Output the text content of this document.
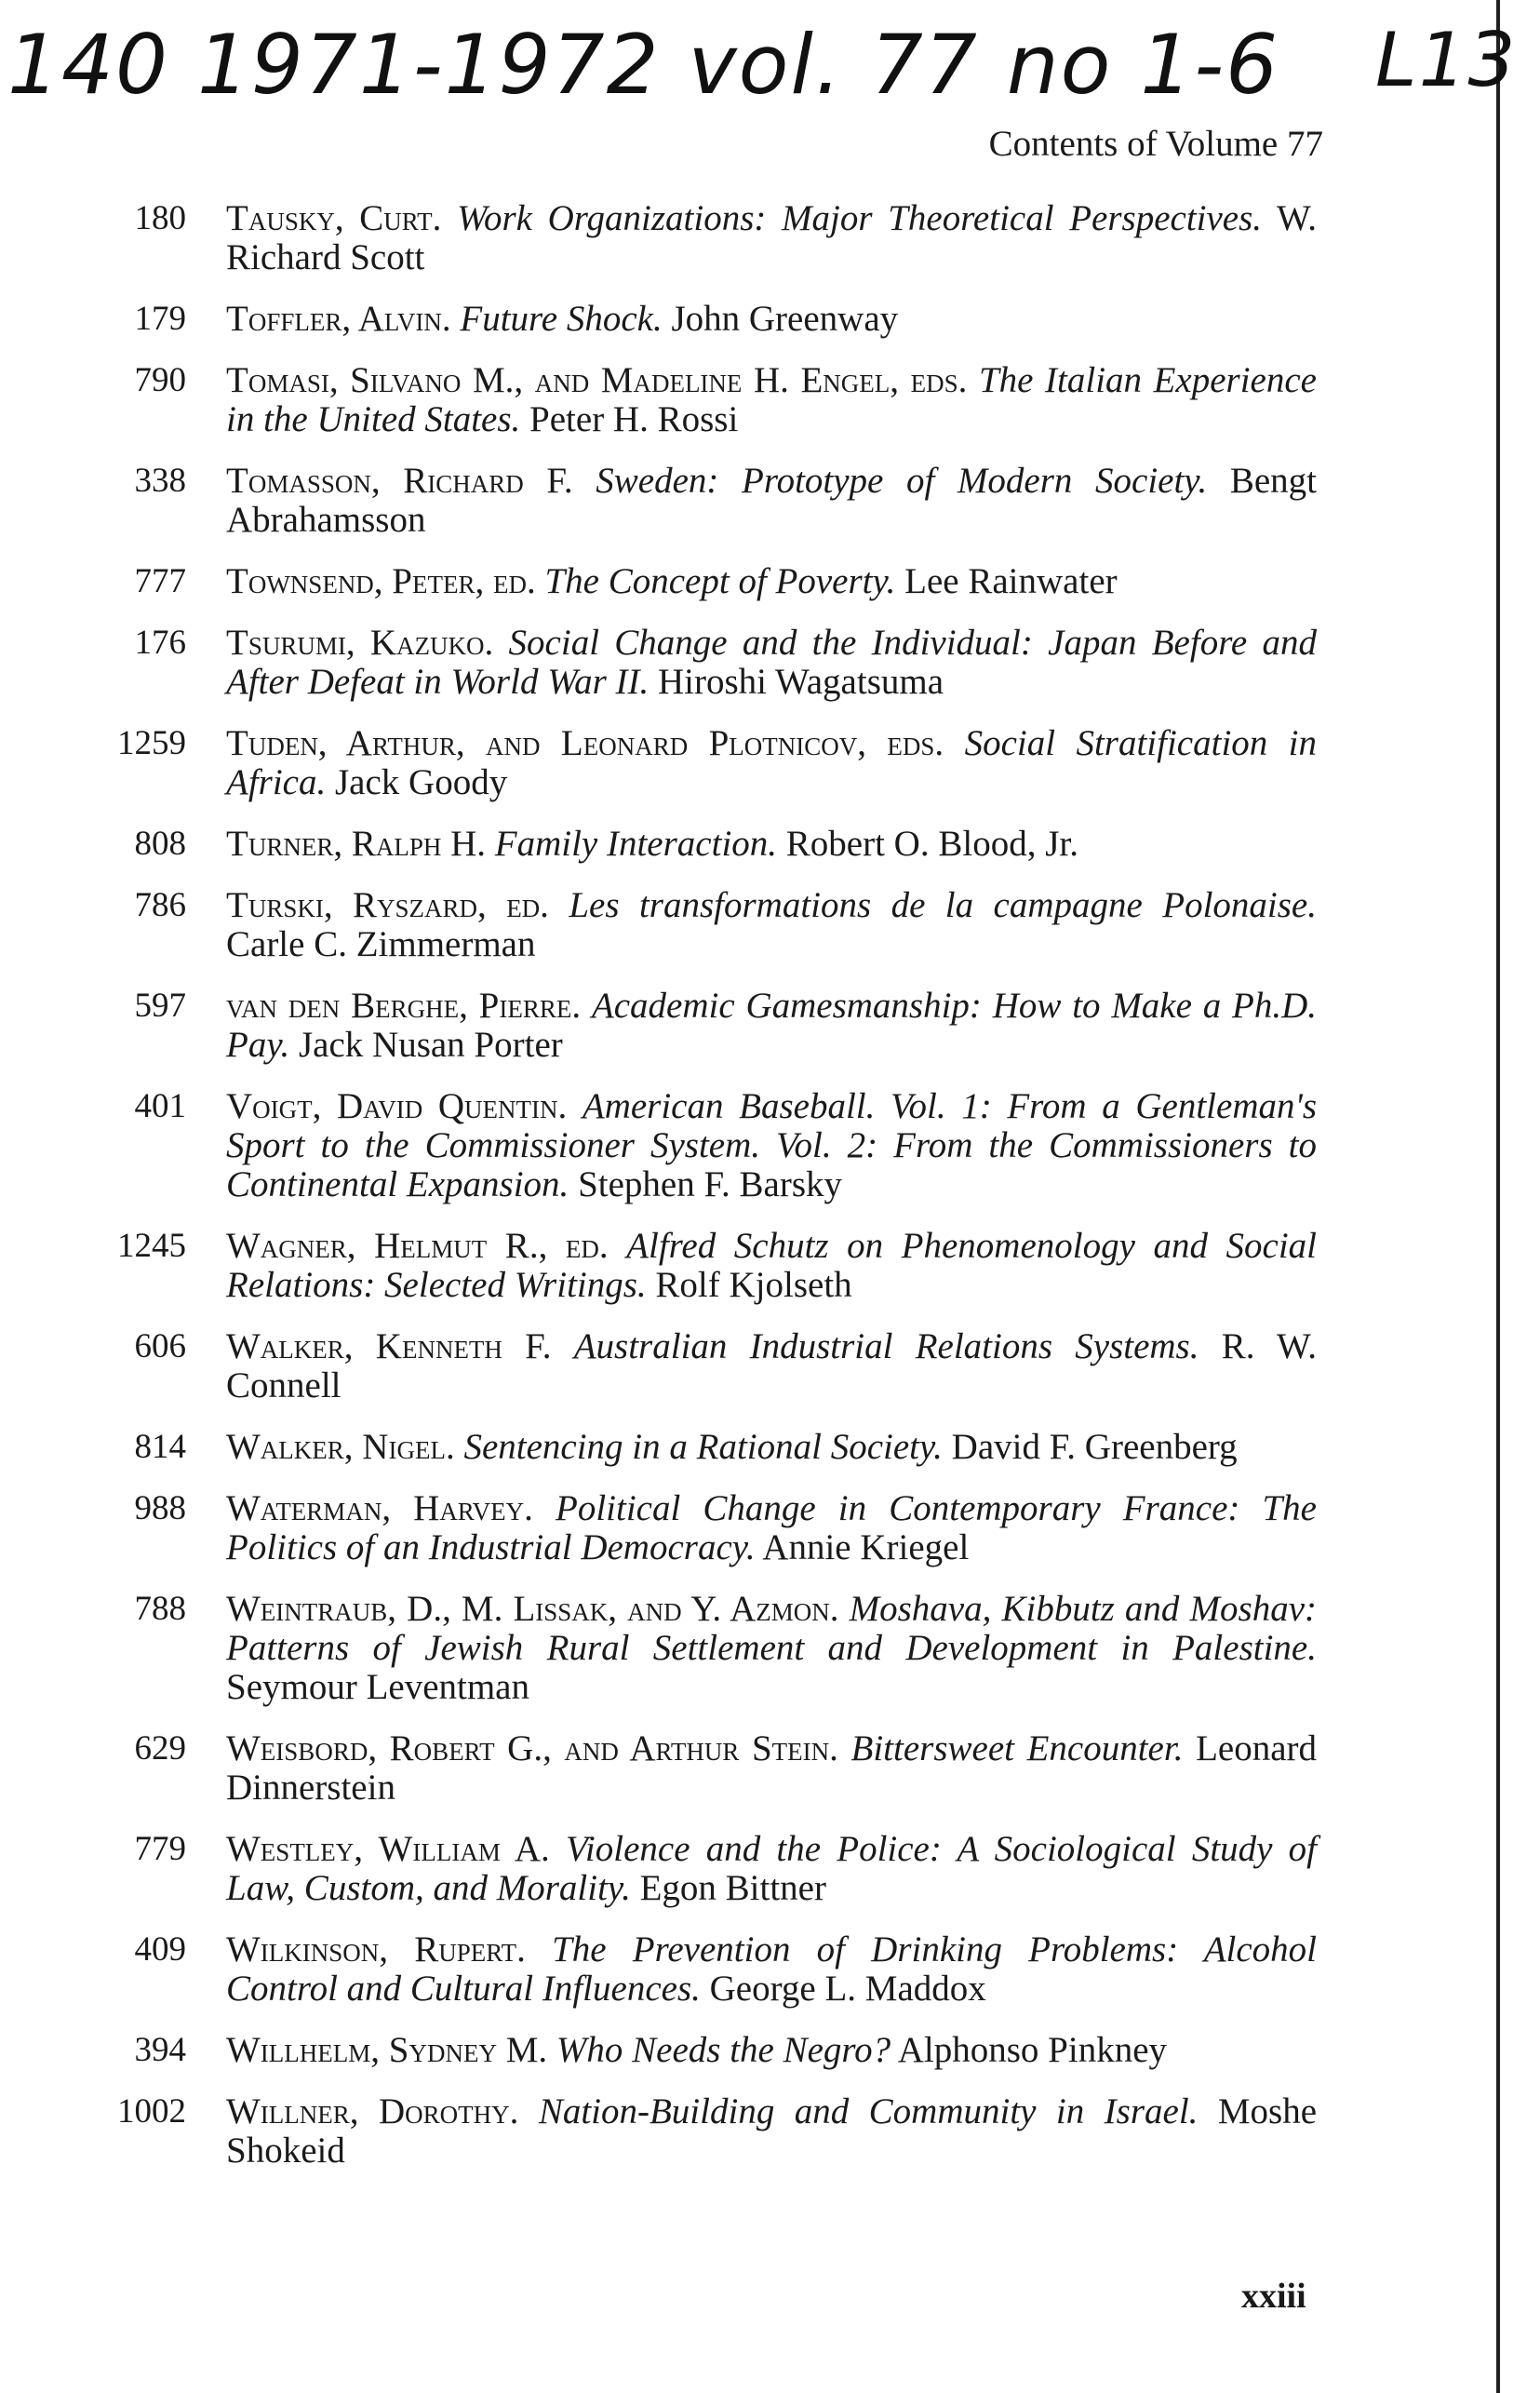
140 1971-1972 vol. 77 no 1-6 L13
Contents of Volume 77
180 Tausky, Curt. Work Organizations: Major Theoretical Perspectives. W. Richard Scott
179 Toffler, Alvin. Future Shock. John Greenway
790 Tomasi, Silvano M., and Madeline H. Engel, eds. The Italian Experience in the United States. Peter H. Rossi
338 Tomasson, Richard F. Sweden: Prototype of Modern Society. Bengt Abrahamsson
777 Townsend, Peter, ed. The Concept of Poverty. Lee Rainwater
176 Tsurumi, Kazuko. Social Change and the Individual: Japan Before and After Defeat in World War II. Hiroshi Wagatsuma
1259 Tuden, Arthur, and Leonard Plotnicov, eds. Social Stratification in Africa. Jack Goody
808 Turner, Ralph H. Family Interaction. Robert O. Blood, Jr.
786 Turski, Ryszard, ed. Les transformations de la campagne Polonaise. Carle C. Zimmerman
597 van den Berghe, Pierre. Academic Gamesmanship: How to Make a Ph.D. Pay. Jack Nusan Porter
401 Voigt, David Quentin. American Baseball. Vol. 1: From a Gentleman's Sport to the Commissioner System. Vol. 2: From the Commissioners to Continental Expansion. Stephen F. Barsky
1245 Wagner, Helmut R., ed. Alfred Schutz on Phenomenology and Social Relations: Selected Writings. Rolf Kjolseth
606 Walker, Kenneth F. Australian Industrial Relations Systems. R. W. Connell
814 Walker, Nigel. Sentencing in a Rational Society. David F. Greenberg
988 Waterman, Harvey. Political Change in Contemporary France: The Politics of an Industrial Democracy. Annie Kriegel
788 Weintraub, D., M. Lissak, and Y. Azmon. Moshava, Kibbutz and Moshav: Patterns of Jewish Rural Settlement and Development in Palestine. Seymour Leventman
629 Weisbord, Robert G., and Arthur Stein. Bittersweet Encounter. Leonard Dinnerstein
779 Westley, William A. Violence and the Police: A Sociological Study of Law, Custom, and Morality. Egon Bittner
409 Wilkinson, Rupert. The Prevention of Drinking Problems: Alcohol Control and Cultural Influences. George L. Maddox
394 Willhelm, Sydney M. Who Needs the Negro? Alphonso Pinkney
1002 Willner, Dorothy. Nation-Building and Community in Israel. Moshe Shokeid
xxiii
